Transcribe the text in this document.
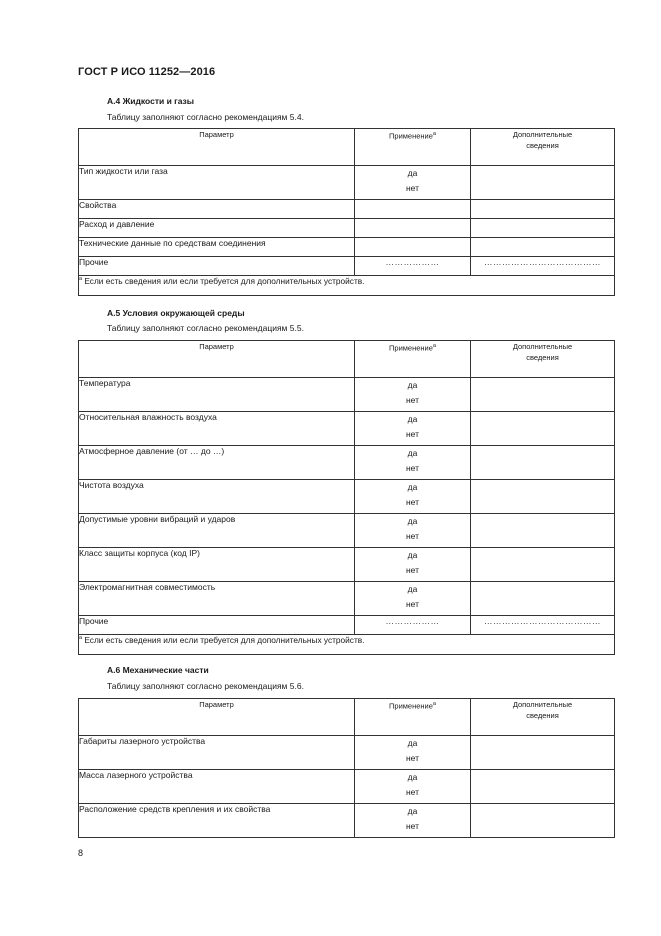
ГОСТ Р ИСО 11252—2016
А.4 Жидкости и газы
Таблицу заполняют согласно рекомендациям 5.4.
Параметр	Применение$^а$	Дополнительные
сведения
Тип жидкости или газа	да
нет	
Свойства		
Расход и давление		
Технические данные по средствам соединения		
Прочие	………………	…………………………………
$^а$ Если есть сведения или если требуется для дополнительных устройств.		
А.5 Условия окружающей среды
Таблицу заполняют согласно рекомендациям 5.5.
Параметр	Применение$^а$	Дополнительные
сведения
Температура	да
нет	
Относительная влажность воздуха	да
нет	
Атмосферное давление (от … до …)	да
нет	
Чистота воздуха	да
нет	
Допустимые уровни вибраций и ударов	да
нет	
Класс защиты корпуса (код IP)	да
нет	
Электромагнитная совместимость	да
нет	
Прочие	………………	…………………………………
$^а$ Если есть сведения или если требуется для дополнительных устройств.		
А.6 Механические части
Таблицу заполняют согласно рекомендациям 5.6.
Параметр	Применение$^а$	Дополнительные
сведения
Габариты лазерного устройства	да
нет	
Масса лазерного устройства	да
нет	
Расположение средств крепления и их свойства	да
нет	
8
